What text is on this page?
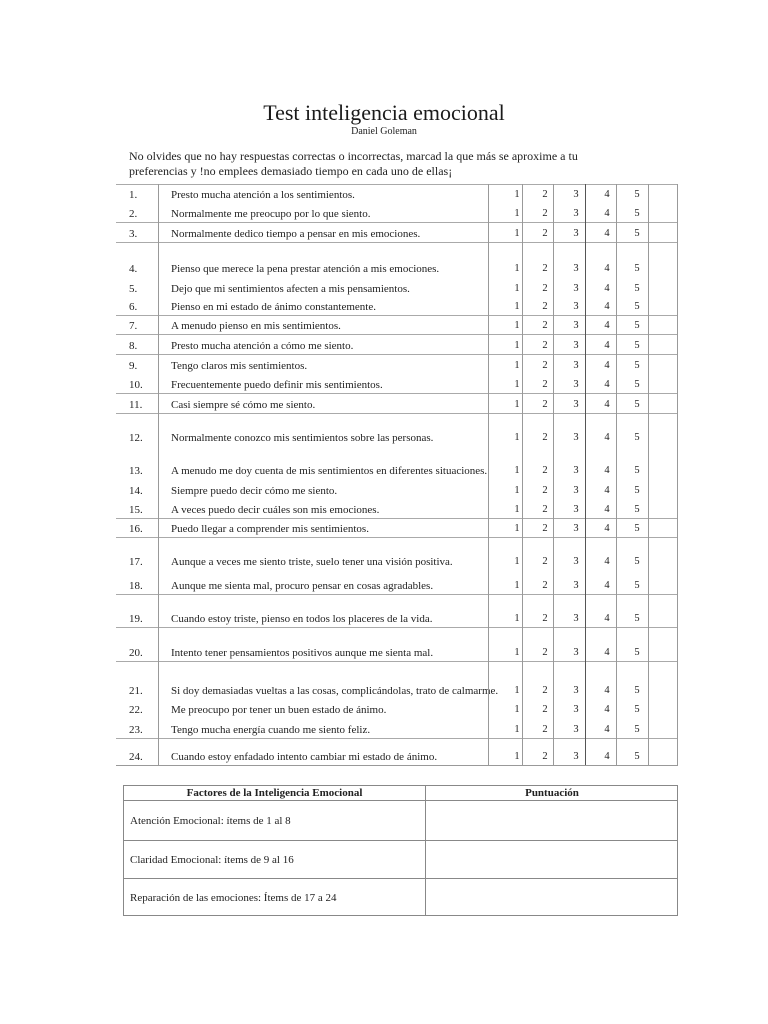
Test inteligencia emocional
Daniel Goleman
No olvides que no hay respuestas correctas o incorrectas, marcad la que más se aproxime a tu preferencias y !no emplees demasiado tiempo en cada uno de ellas¡
1.	Presto mucha atención a los sentimientos.	1	2	3	4	5
2.	Normalmente me preocupo por lo que siento.	1	2	3	4	5
3.	Normalmente dedico tiempo a pensar en mis emociones.	1	2	3	4	5
4.	Pienso que merece la pena prestar atención a mis emociones.	1	2	3	4	5
5.	Dejo que mi sentimientos afecten a mis pensamientos.	1	2	3	4	5
6.	Pienso en mi estado de ánimo constantemente.	1	2	3	4	5
7.	A menudo pienso en mis sentimientos.	1	2	3	4	5
8.	Presto mucha atención a cómo me siento.	1	2	3	4	5
9.	Tengo claros mis sentimientos.	1	2	3	4	5
10.	Frecuentemente puedo definir mis sentimientos.	1	2	3	4	5
11.	Casi siempre sé cómo me siento.	1	2	3	4	5
12.	Normalmente conozco mis sentimientos sobre las personas.	1	2	3	4	5
13.	A menudo me doy cuenta de mis sentimientos en diferentes situaciones.	1	2	3	4	5
14.	Siempre puedo decir cómo me siento.	1	2	3	4	5
15.	A veces puedo decir cuáles son mis emociones.	1	2	3	4	5
16.	Puedo llegar a comprender mis sentimientos.	1	2	3	4	5
17.	Aunque a veces me siento triste, suelo tener una visión positiva.	1	2	3	4	5
18.	Aunque me sienta mal, procuro pensar en cosas agradables.	1	2	3	4	5
19.	Cuando estoy triste, pienso en todos los placeres de la vida.	1	2	3	4	5
20.	Intento tener pensamientos positivos aunque me sienta mal.	1	2	3	4	5
21.	Si doy demasiadas vueltas a las cosas, complicándolas, trato de calmarme.	1	2	3	4	5
22.	Me preocupo por tener un buen estado de ánimo.	1	2	3	4	5
23.	Tengo mucha energía cuando me siento feliz.	1	2	3	4	5
24.	Cuando estoy enfadado intento cambiar mi estado de ánimo.	1	2	3	4	5
Factores de la Inteligencia Emocional	Puntuación
Atención Emocional: ítems de 1 al 8
Claridad Emocional: ítems de 9 al 16
Reparación de las emociones: Ítems de 17 a 24
